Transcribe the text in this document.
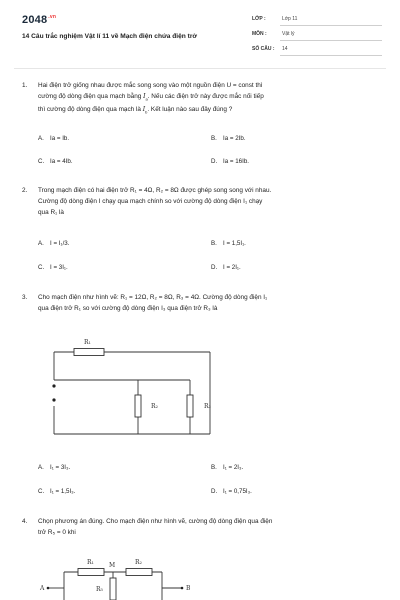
$2048^{.vn}$
14 Câu trắc nghiệm Vật lí 11 về Mạch điện chứa điện trở
LỚP :	Lớp 11
MÔN :	Vật lý
SỐ CÂU : 14
1. Hai điện trở giống nhau được mắc song song vào một nguồn điện U = const thì
cường độ dòng điện qua mạch bằng $I_a$. Nếu các điện trở này được mắc nối tiếp
thì cường độ dòng điện qua mạch là $I_b$. Kết luận nào sau đây đúng ?
A. Ia = Ib.	B. Ia = 2Ib.
C. Ia = 4Ib.	D. Ia = 16Ib.
2. Trong mạch điện có hai điện trở R₁ = 4Ω, R₂ = 8Ω được ghép song song với nhau.
Cường độ dòng điện I chạy qua mạch chính so với cường độ dòng điện I₁ chạy
qua R₁ là
A. I = I₁/3.	B. I = 1,5I₁.
C. I = 3I₁.	D. I = 2I₁.
3. Cho mạch điện như hình vẽ: R₁ = 12Ω, R₂ = 8Ω, R₃ = 4Ω. Cường độ dòng điện I₁
qua điện trở R₁ so với cường độ dòng điện I₃ qua điện trở R₃ là
R₁
R₂	R₃
A. I₁ = 3I₃.	B. I₁ = 2I₃.
C. I₁ = 1,5I₃.	D. I₁ = 0,75I₃.
4. Chọn phương án đúng. Cho mạch điện như hình vẽ, cường độ dòng điện qua điện
trở R₅ = 0 khi
R₁	M	R₂
R₅
A	B
